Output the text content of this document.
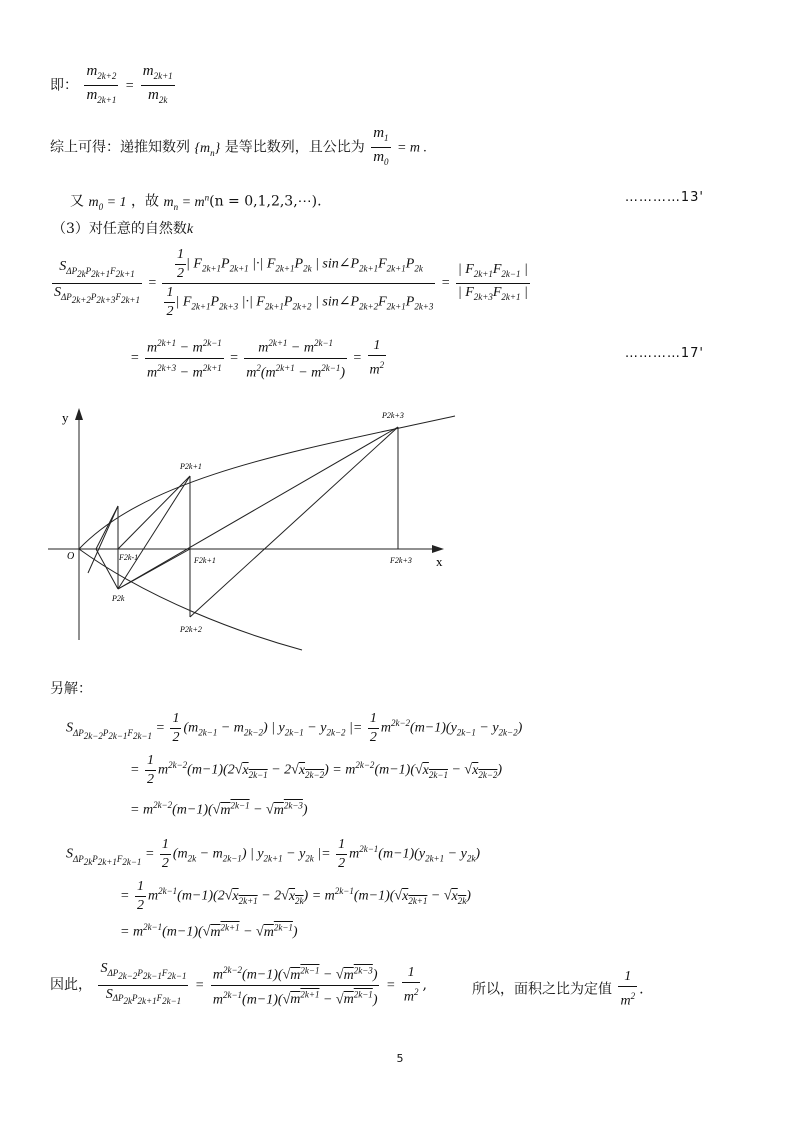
即： $\frac{m_{2k+2}}{m_{2k+1}} = \frac{m_{2k+1}}{m_{2k}}$
综上可得：递推知数列 $\{m_n\}$ 是等比数列，且公比为 $\frac{m_1}{m_0} = m$ .
又 $m_0 = 1$ ，故 $m_n = m^n(n$ = 0,1,2,3,⋯).	…………13'
（3）对任意的自然数k
$\frac{S_{\Delta P_{2k}P_{2k+1}F_{2k+1}}}{S_{\Delta P_{2k+2}P_{2k+3}F_{2k+1}}} = \frac{\frac{1}{2} | F_{2k+1}P_{2k+1} |\cdot| F_{2k+1}P_{2k} | \sin\angle P_{2k+1}F_{2k+1}P_{2k}}{\frac{1}{2} | F_{2k+1}P_{2k+3} |\cdot| F_{2k+1}P_{2k+2} | \sin\angle P_{2k+2}F_{2k+1}P_{2k+3}} = \frac{| F_{2k+1}F_{2k-1} |}{| F_{2k+3}F_{2k+1} |}$
= $\frac{m^{2k+1} - m^{2k-1}}{m^{2k+3} - m^{2k+1}} = \frac{m^{2k+1} - m^{2k-1}}{m^2(m^{2k+1} - m^{2k-1})} = \frac{1}{m^2}$	…………17'
y
x
O
P2k+1
P2k+3
P2k
P2k+2
F2k-1	F2k+1	F2k+3
另解：
$S_{\Delta P_{2k-2}P_{2k-1}F_{2k-1}} = \frac{1}{2} (m_{2k-1} - m_{2k-2})$ | $y_{2k-1} - y_{2k-2}$ |= $\frac{1}{2} m^{2k-2}(m-1)(y_{2k-1} - y_{2k-2})$
= $\frac{1}{2} m^{2k-2}(m-1)(2√x_{2k-1} - 2√x_{2k-2}) = m^{2k-2}(m-1)(√x_{2k-1} - √x_{2k-2})$
= $m^{2k-2}(m-1)(√m^{2k-1} - √m^{2k-3})$
$S_{\Delta P_{2k}P_{2k+1}F_{2k-1}} = \frac{1}{2} (m_{2k} - m_{2k-1})$ | $y_{2k+1} - y_{2k}$ |= $\frac{1}{2} m^{2k-1}(m-1)(y_{2k+1} - y_{2k})$
= $\frac{1}{2} m^{2k-1}(m-1)(2√x_{2k+1} - 2√x_{2k}) = m^{2k-1}(m-1)(√x_{2k+1} - √x_{2k})$
= $m^{2k-1}(m-1)(√m^{2k+1} - √m^{2k-1})$
因此， $\frac{S_{\Delta P_{2k-2}P_{2k-1}F_{2k-1}}}{S_{\Delta P_{2k}P_{2k+1}F_{2k-1}}} = \frac{m^{2k-2}(m-1)(√m^{2k-1} - √m^{2k-3})}{m^{2k-1}(m-1)(√m^{2k+1} - √m^{2k-1})} = \frac{1}{m^2}$ ,	所以，面积之比为定值 $\frac{1}{m^2}$ .
5
